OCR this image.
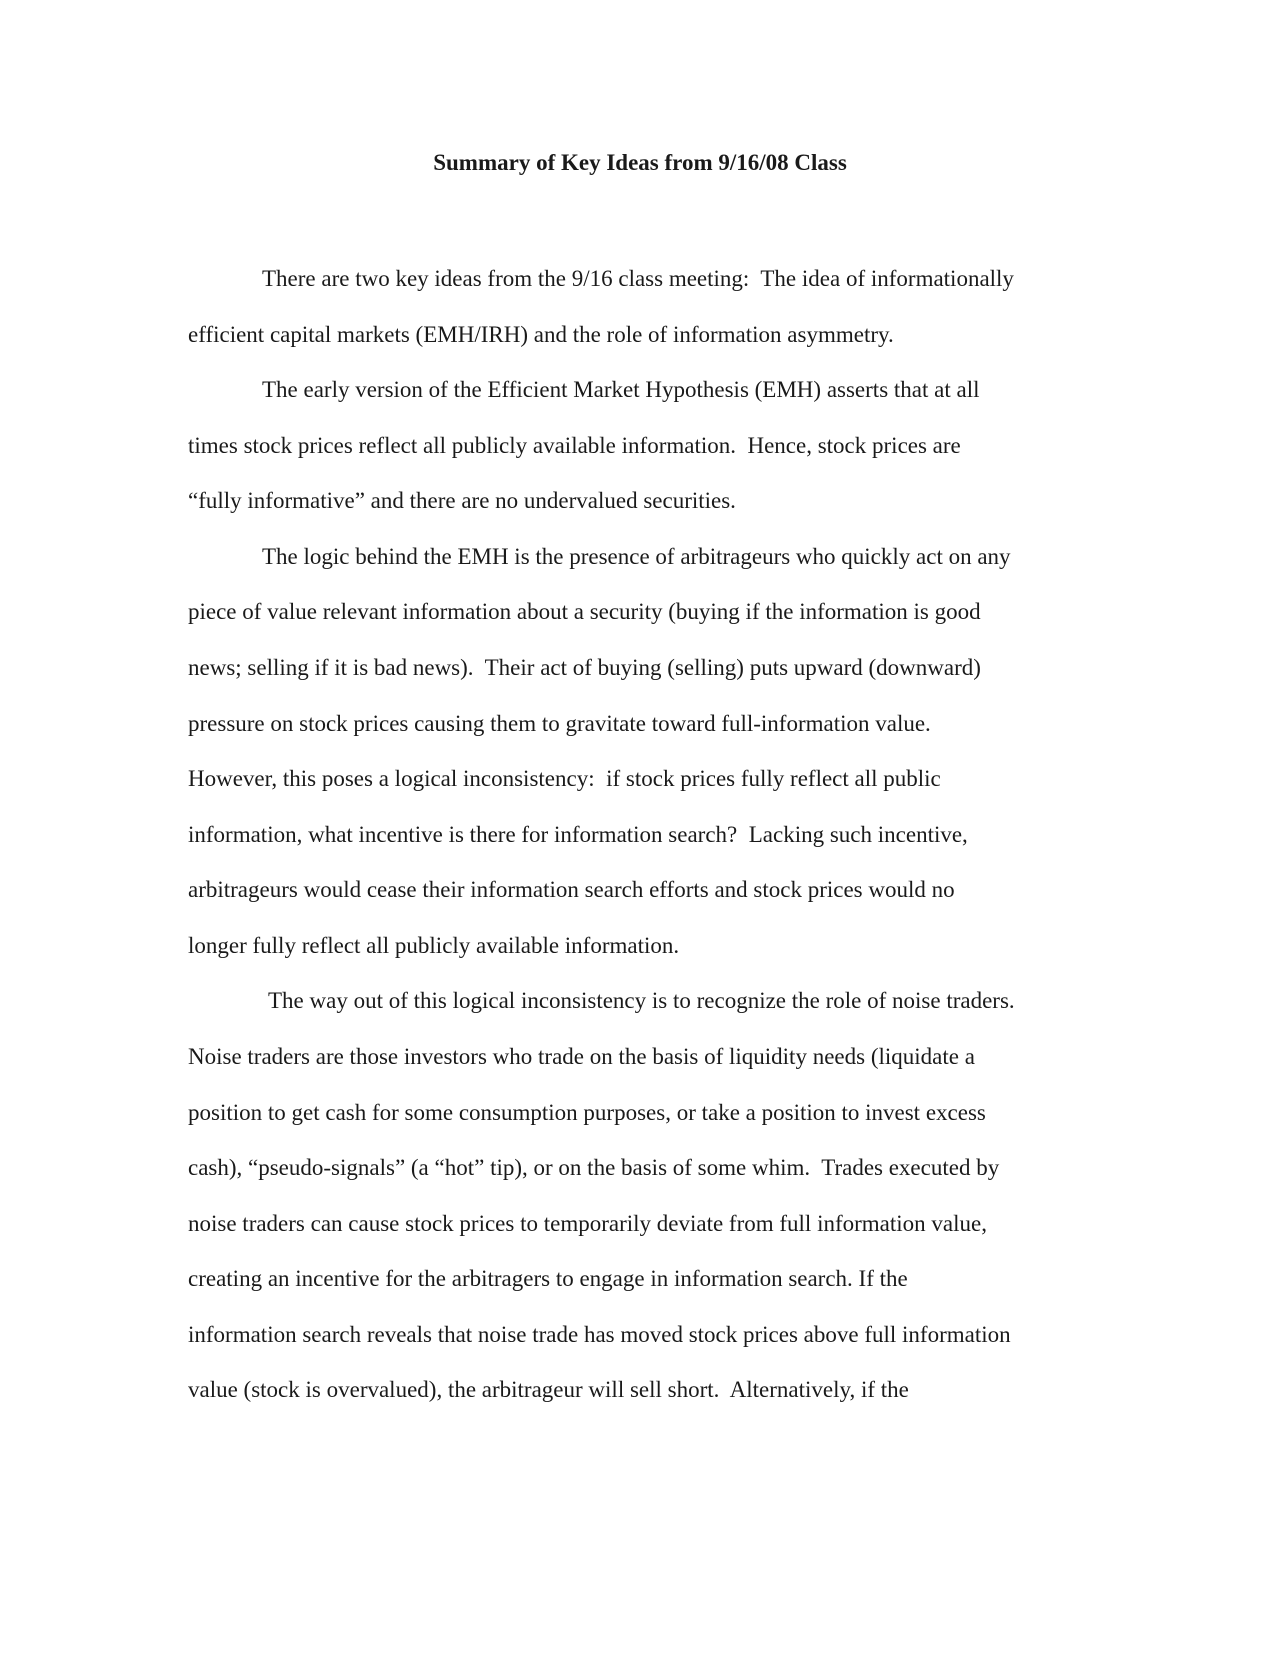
Summary of Key Ideas from 9/16/08 Class
There are two key ideas from the 9/16 class meeting:  The idea of informationally
efficient capital markets (EMH/IRH) and the role of information asymmetry.
The early version of the Efficient Market Hypothesis (EMH) asserts that at all
times stock prices reflect all publicly available information.  Hence, stock prices are
“fully informative” and there are no undervalued securities.
The logic behind the EMH is the presence of arbitrageurs who quickly act on any
piece of value relevant information about a security (buying if the information is good
news; selling if it is bad news).  Their act of buying (selling) puts upward (downward)
pressure on stock prices causing them to gravitate toward full-information value.
However, this poses a logical inconsistency:  if stock prices fully reflect all public
information, what incentive is there for information search?  Lacking such incentive,
arbitrageurs would cease their information search efforts and stock prices would no
longer fully reflect all publicly available information.
The way out of this logical inconsistency is to recognize the role of noise traders.
Noise traders are those investors who trade on the basis of liquidity needs (liquidate a
position to get cash for some consumption purposes, or take a position to invest excess
cash), “pseudo-signals” (a “hot” tip), or on the basis of some whim.  Trades executed by
noise traders can cause stock prices to temporarily deviate from full information value,
creating an incentive for the arbitragers to engage in information search. If the
information search reveals that noise trade has moved stock prices above full information
value (stock is overvalued), the arbitrageur will sell short.  Alternatively, if the
